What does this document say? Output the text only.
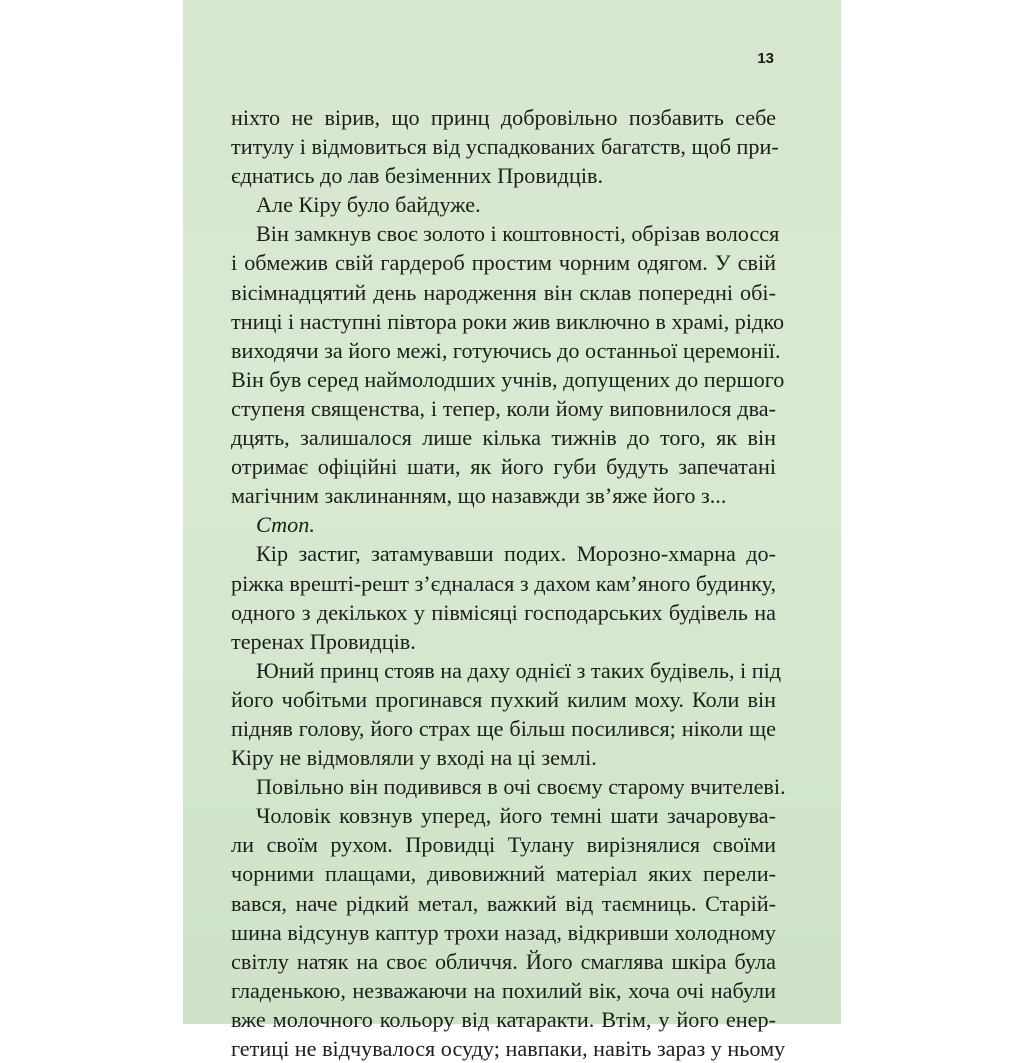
13
ніхто не вірив, що принц добровільно позбавить себе
титулу і відмовиться від успадкованих багатств, щоб при-
єднатись до лав безіменних Провидців.
Але Кіру було байдуже.
Він замкнув своє золото і коштовності, обрізав волосся
і обмежив свій гардероб простим чорним одягом. У свій
вісімнадцятий день народження він склав попередні обі-
тниці і наступні півтора роки жив виключно в храмі, рідко
виходячи за його межі, готуючись до останньої церемонії.
Він був серед наймолодших учнів, допущених до першого
ступеня священства, і тепер, коли йому виповнилося два-
дцять, залишалося лише кілька тижнів до того, як він
отримає офіційні шати, як його губи будуть запечатані
магічним заклинанням, що назавжди зв’яже його з...
Стоп.
Кір застиг, затамувавши подих. Морозно-хмарна до-
ріжка врешті-решт з’єдналася з дахом кам’яного будинку,
одного з декількох у півмісяці господарських будівель на
теренах Провидців.
Юний принц стояв на даху однієї з таких будівель, і під
його чобітьми прогинався пухкий килим моху. Коли він
підняв голову, його страх ще більш посилився; ніколи ще
Кіру не відмовляли у вході на ці землі.
Повільно він подивився в очі своєму старому вчителеві.
Чоловік ковзнув уперед, його темні шати зачаровува-
ли своїм рухом. Провидці Тулану вирізнялися своїми
чорними плащами, дивовижний матеріал яких перели-
вався, наче рідкий метал, важкий від таємниць. Старій-
шина відсунув каптур трохи назад, відкривши холодному
світлу натяк на своє обличчя. Його смаглява шкіра була
гладенькою, незважаючи на похилий вік, хоча очі набули
вже молочного кольору від катаракти. Втім, у його енер-
гетиці не відчувалося осуду; навпаки, навіть зараз у ньому
